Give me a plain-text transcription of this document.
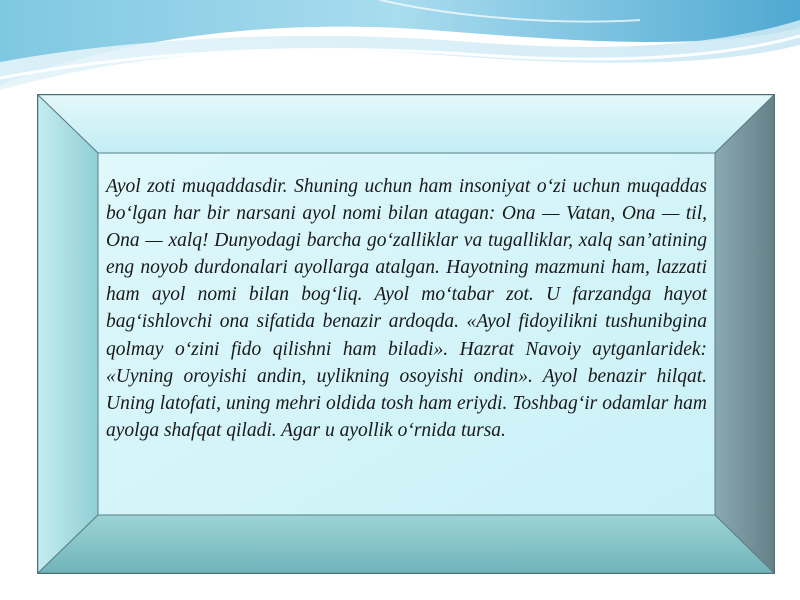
Ayol zoti muqaddasdir. Shuning uchun ham insoniyat o‘zi uchun muqaddas bo‘lgan har bir narsani ayol nomi bilan atagan: Ona — Vatan, Ona — til, Ona — xalq! Dunyodagi barcha go‘zalliklar va tugalliklar, xalq san’atining eng noyob durdonalari ayollarga atalgan. Hayotning mazmuni ham, lazzati ham ayol nomi bilan bog‘liq. Ayol mo‘tabar zot. U farzandga hayot bag‘ishlovchi ona sifatida benazir ardoqda. «Ayol fidoyilikni tushunibgina qolmay o‘zini fido qilishni ham biladi». Hazrat Navoiy aytganlaridek: «Uyning oroyishi andin, uylikning osoyishi ondin». Ayol benazir hilqat. Uning latofati, uning mehri oldida tosh ham eriydi. Toshbag‘ir odamlar ham ayolga shafqat qiladi. Agar u ayollik o‘rnida tursa.
